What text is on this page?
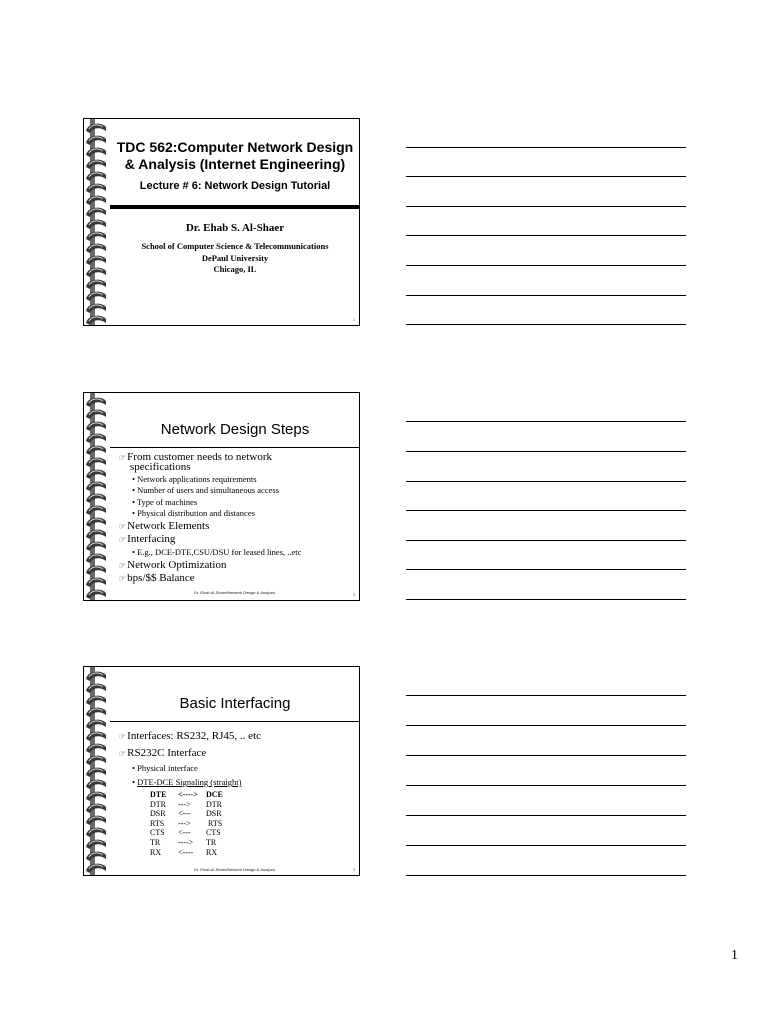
TDC 562:Computer Network Design
& Analysis (Internet Engineering)
Lecture # 6: Network Design Tutorial
Dr. Ehab S. Al-Shaer
School of Computer Science & Telecommunications
DePaul University
Chicago, IL
1
Network Design Steps
☞ From customer needs to network
specifications
• Network applications requirements
• Number of users and simultaneous access
• Type of machines
• Physical distribution and distances
☞ Network Elements
☞ Interfacing
• E.g., DCE-DTE,CSU/DSU for leased lines, ..etc
☞ Network Optimization
☞ bps/$$ Balance
Dr. Ehab Al-Shaer/Network Design & Analysis	2
Basic Interfacing
☞ Interfaces: RS232, RJ45, .. etc
☞ RS232C Interface
• Physical interface
• DTE-DCE Signaling (straight)
DTE <----> DCE
DTR ---> DTR
DSR <--- DSR
RTS ---> RTS
CTS <--- CTS
TR ----> TR
RX <---- RX
Dr. Ehab Al-Shaer/Network Design & Analysis	3
1
